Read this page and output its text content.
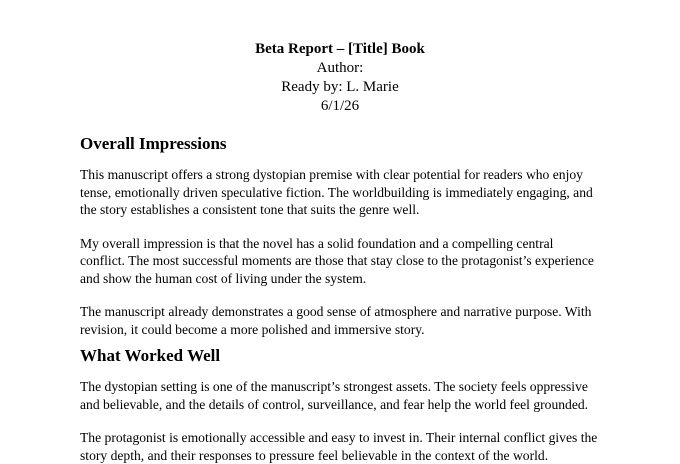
Beta Report – [Title] Book
Author:
Ready by: L. Marie
6/1/26
Overall Impressions

This manuscript offers a strong dystopian premise with clear potential for readers who enjoy tense, emotionally driven speculative fiction. The worldbuilding is immediately engaging, and the story establishes a consistent tone that suits the genre well.

My overall impression is that the novel has a solid foundation and a compelling central conflict. The most successful moments are those that stay close to the protagonist’s experience and show the human cost of living under the system.

The manuscript already demonstrates a good sense of atmosphere and narrative purpose. With revision, it could become a more polished and immersive story.

What Worked Well

The dystopian setting is one of the manuscript’s strongest assets. The society feels oppressive and believable, and the details of control, surveillance, and fear help the world feel grounded.

The protagonist is emotionally accessible and easy to invest in. Their internal conflict gives the story depth, and their responses to pressure feel believable in the context of the world.
